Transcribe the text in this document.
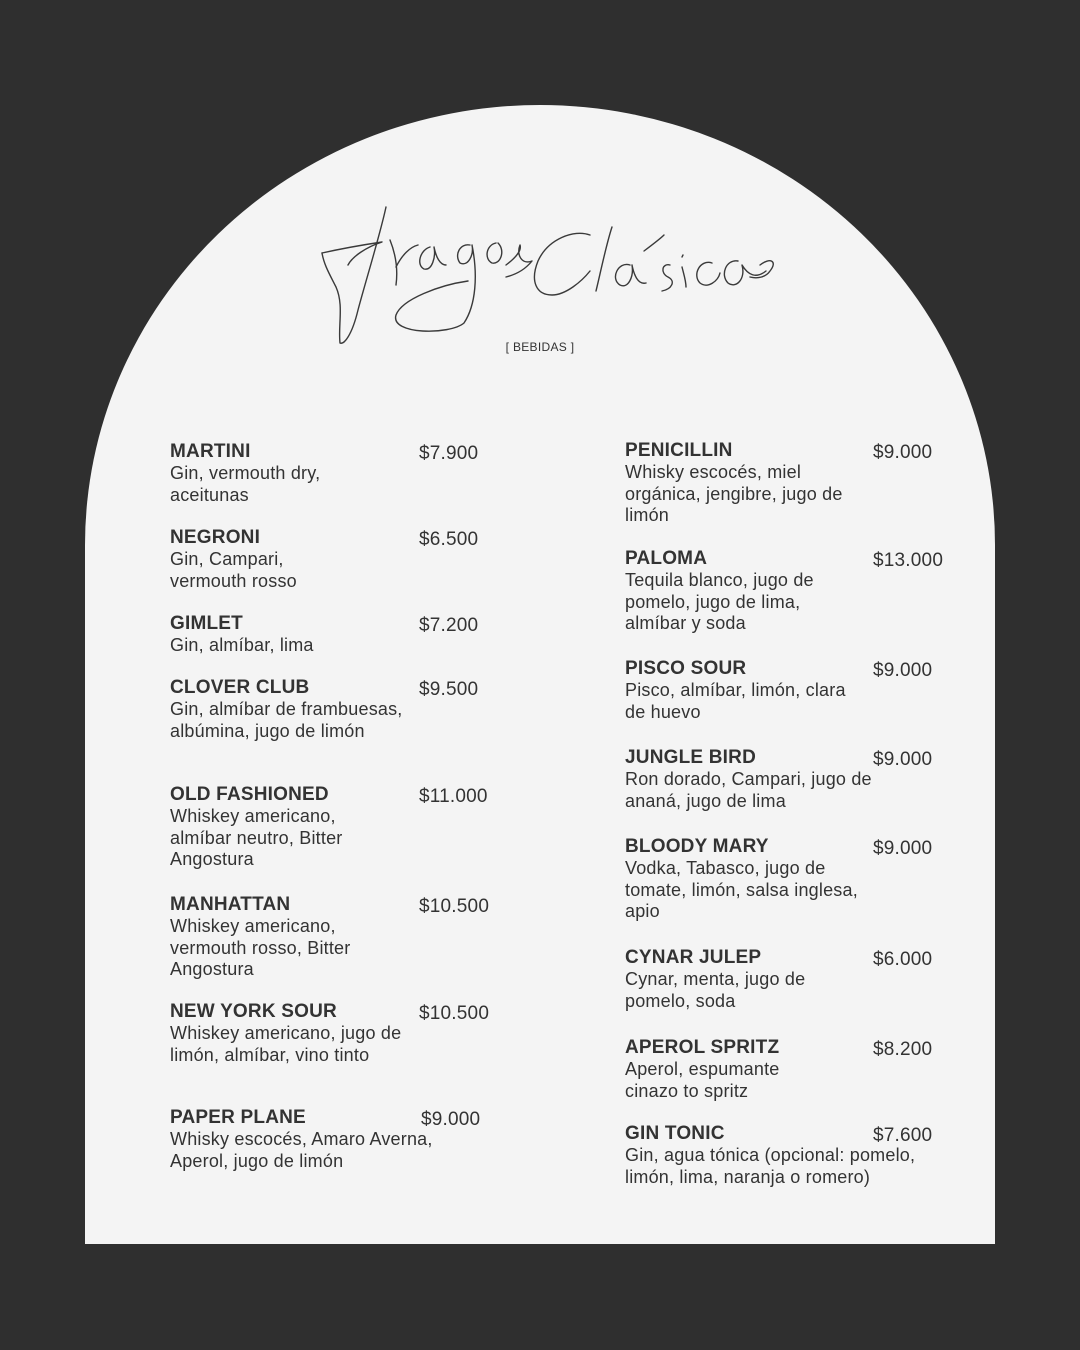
[ BEBIDAS ]
MARTINI
Gin, vermouth dry, aceitunas
$7.900
NEGRONI
Gin, Campari, vermouth rosso
$6.500
GIMLET
Gin, almíbar, lima
$7.200
CLOVER CLUB
Gin, almíbar de frambuesas, albúmina, jugo de limón
$9.500
OLD FASHIONED
Whiskey americano, almíbar neutro, Bitter Angostura
$11.000
MANHATTAN
Whiskey americano, vermouth rosso, Bitter Angostura
$10.500
NEW YORK SOUR
Whiskey americano, jugo de limón, almíbar, vino tinto
$10.500
PAPER PLANE
Whisky escocés, Amaro Averna, Aperol, jugo de limón
$9.000
PENICILLIN
Whisky escocés, miel orgánica, jengibre, jugo de limón
$9.000
PALOMA
Tequila blanco, jugo de pomelo, jugo de lima, almíbar y soda
$13.000
PISCO SOUR
Pisco, almíbar, limón, clara de huevo
$9.000
JUNGLE BIRD
Ron dorado, Campari, jugo de ananá, jugo de lima
$9.000
BLOODY MARY
Vodka, Tabasco, jugo de tomate, limón, salsa inglesa, apio
$9.000
CYNAR JULEP
Cynar, menta, jugo de pomelo, soda
$6.000
APEROL SPRITZ
Aperol, espumante cinazo to spritz
$8.200
GIN TONIC
Gin, agua tónica (opcional: pomelo, limón, lima, naranja o romero)
$7.600
